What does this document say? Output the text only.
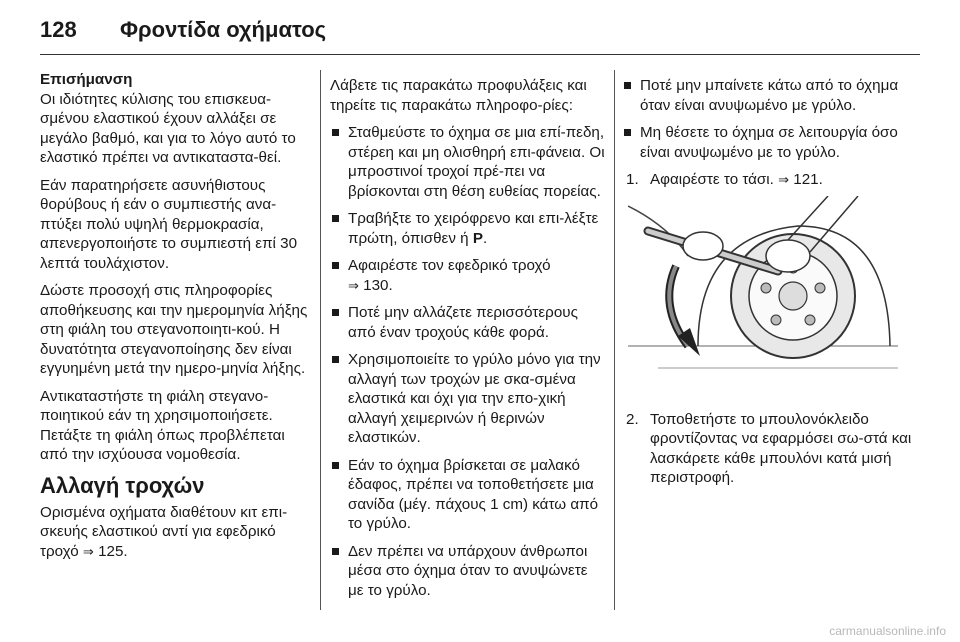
128 Φροντίδα οχήματος

Επισήμανση

Οι ιδιότητες κύλισης του επισκευα-σμένου ελαστικού έχουν αλλάξει σε μεγάλο βαθμό, και για το λόγο αυτό το ελαστικό πρέπει να αντικαταστα-θεί.

Εάν παρατηρήσετε ασυνήθιστους θορύβους ή εάν ο συμπιεστής ανα-πτύξει πολύ υψηλή θερμοκρασία, απενεργοποιήστε το συμπιεστή επί 30 λεπτά τουλάχιστον.

Δώστε προσοχή στις πληροφορίες αποθήκευσης και την ημερομηνία λήξης στη φιάλη του στεγανοποιητι-κού. Η δυνατότητα στεγανοποίησης δεν είναι εγγυημένη μετά την ημερο-μηνία λήξης.

Αντικαταστήστε τη φιάλη στεγανο-ποιητικού εάν τη χρησιμοποιήσετε. Πετάξτε τη φιάλη όπως προβλέπεται από την ισχύουσα νομοθεσία.

Αλλαγή τροχών

Ορισμένα οχήματα διαθέτουν κιτ επι-σκευής ελαστικού αντί για εφεδρικό τροχό ⇒ 125.

Λάβετε τις παρακάτω προφυλάξεις και τηρείτε τις παρακάτω πληροφο-ρίες:

Σταθμεύστε το όχημα σε μια επί-πεδη, στέρεη και μη ολισθηρή επι-φάνεια. Οι μπροστινοί τροχοί πρέ-πει να βρίσκονται στη θέση ευθείας πορείας.
Τραβήξτε το χειρόφρενο και επι-λέξτε πρώτη, όπισθεν ή P.
Αφαιρέστε τον εφεδρικό τροχό
⇒ 130.
Ποτέ μην αλλάζετε περισσότερους από έναν τροχούς κάθε φορά.
Χρησιμοποιείτε το γρύλο μόνο για την αλλαγή των τροχών με σκα-σμένα ελαστικά και όχι για την επο-χική αλλαγή χειμερινών ή θερινών ελαστικών.
Εάν το όχημα βρίσκεται σε μαλακό έδαφος, πρέπει να τοποθετήσετε μια σανίδα (μέγ. πάχους 1 cm) κάτω από το γρύλο.
Δεν πρέπει να υπάρχουν άνθρωποι μέσα στο όχημα όταν το ανυψώνετε με το γρύλο.
Ποτέ μην μπαίνετε κάτω από το όχημα όταν είναι ανυψωμένο με γρύλο.
Μη θέσετε το όχημα σε λειτουργία όσο είναι ανυψωμένο με το γρύλο.
1. Αφαιρέστε το τάσι. ⇒ 121.
2. Τοποθετήστε το μπουλονόκλειδο φροντίζοντας να εφαρμόσει σω-στά και λασκάρετε κάθε μπουλόνι κατά μισή περιστροφή.
carmanualsonline.info
